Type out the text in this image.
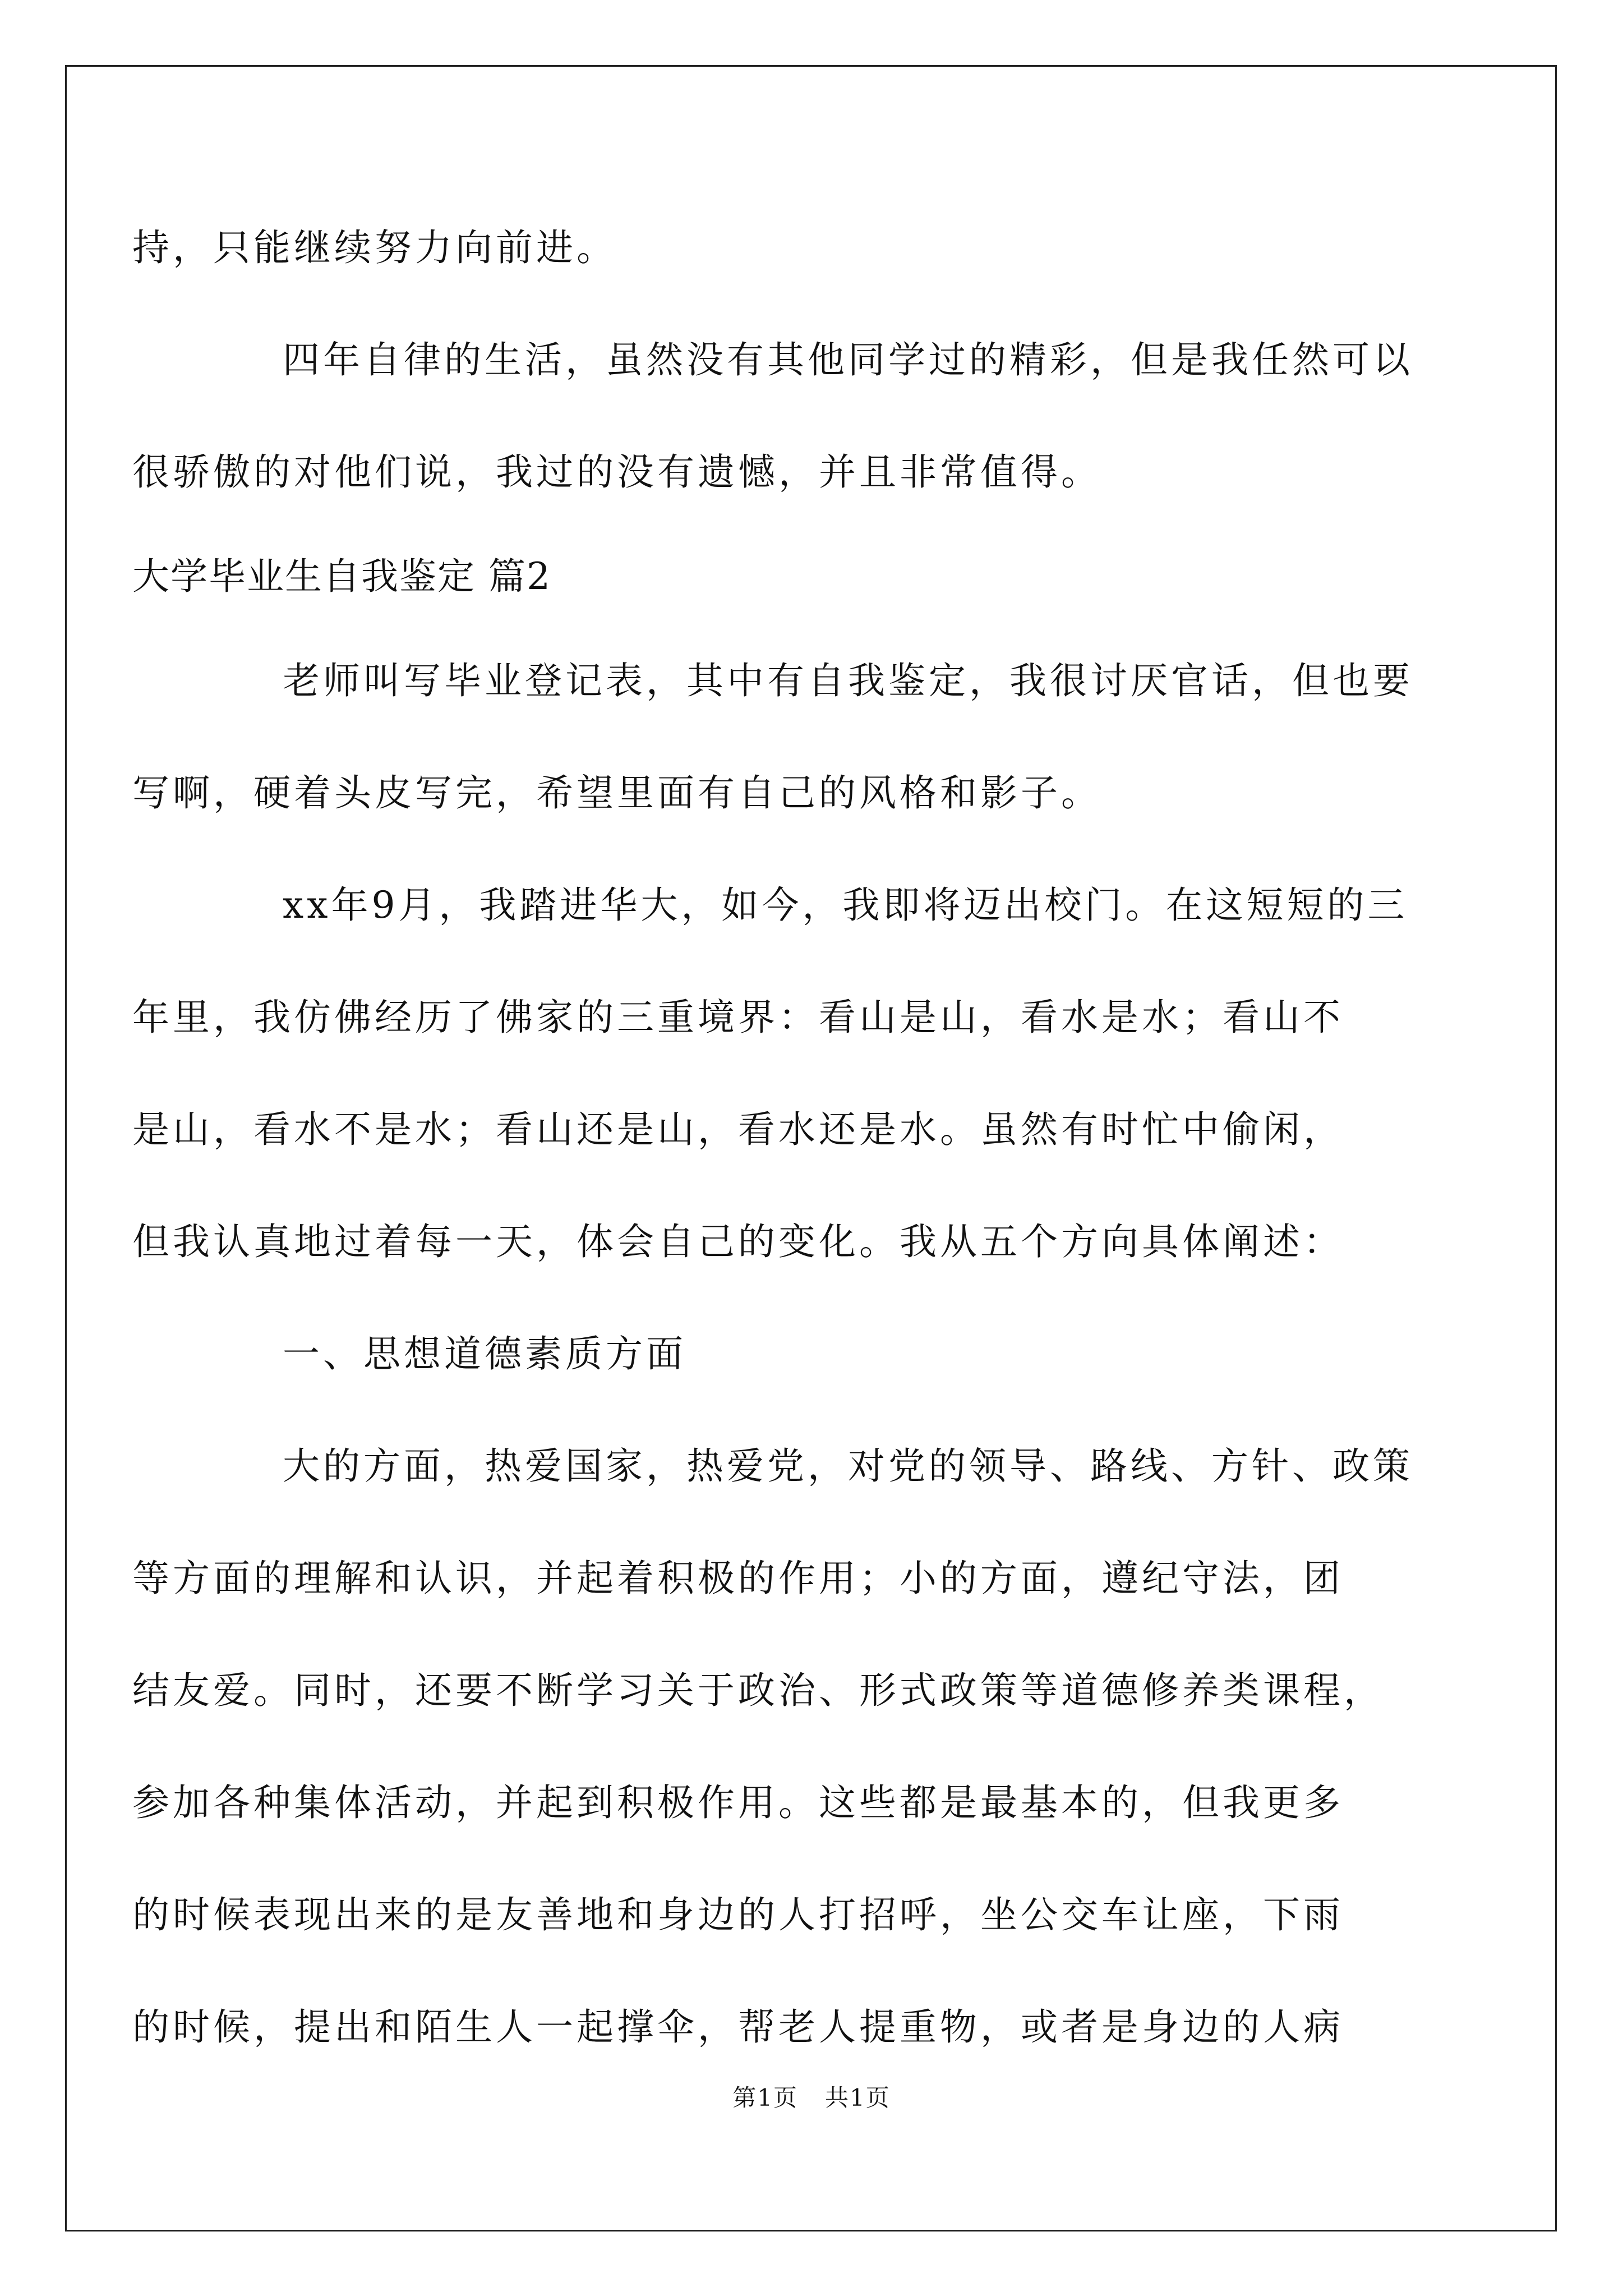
持，只能继续努力向前进。
四年自律的生活，虽然没有其他同学过的精彩，但是我任然可以
很骄傲的对他们说，我过的没有遗憾，并且非常值得。
大学毕业生自我鉴定 篇2
老师叫写毕业登记表，其中有自我鉴定，我很讨厌官话，但也要
写啊，硬着头皮写完，希望里面有自己的风格和影子。
xx年9月，我踏进华大，如今，我即将迈出校门。在这短短的三
年里，我仿佛经历了佛家的三重境界：看山是山，看水是水；看山不
是山，看水不是水；看山还是山，看水还是水。虽然有时忙中偷闲，
但我认真地过着每一天，体会自己的变化。我从五个方向具体阐述：
一、思想道德素质方面
大的方面，热爱国家，热爱党，对党的领导、路线、方针、政策
等方面的理解和认识，并起着积极的作用；小的方面，遵纪守法，团
结友爱。同时，还要不断学习关于政治、形式政策等道德修养类课程，
参加各种集体活动，并起到积极作用。这些都是最基本的，但我更多
的时候表现出来的是友善地和身边的人打招呼，坐公交车让座，下雨
的时候，提出和陌生人一起撑伞，帮老人提重物，或者是身边的人病
第1页 共1页
